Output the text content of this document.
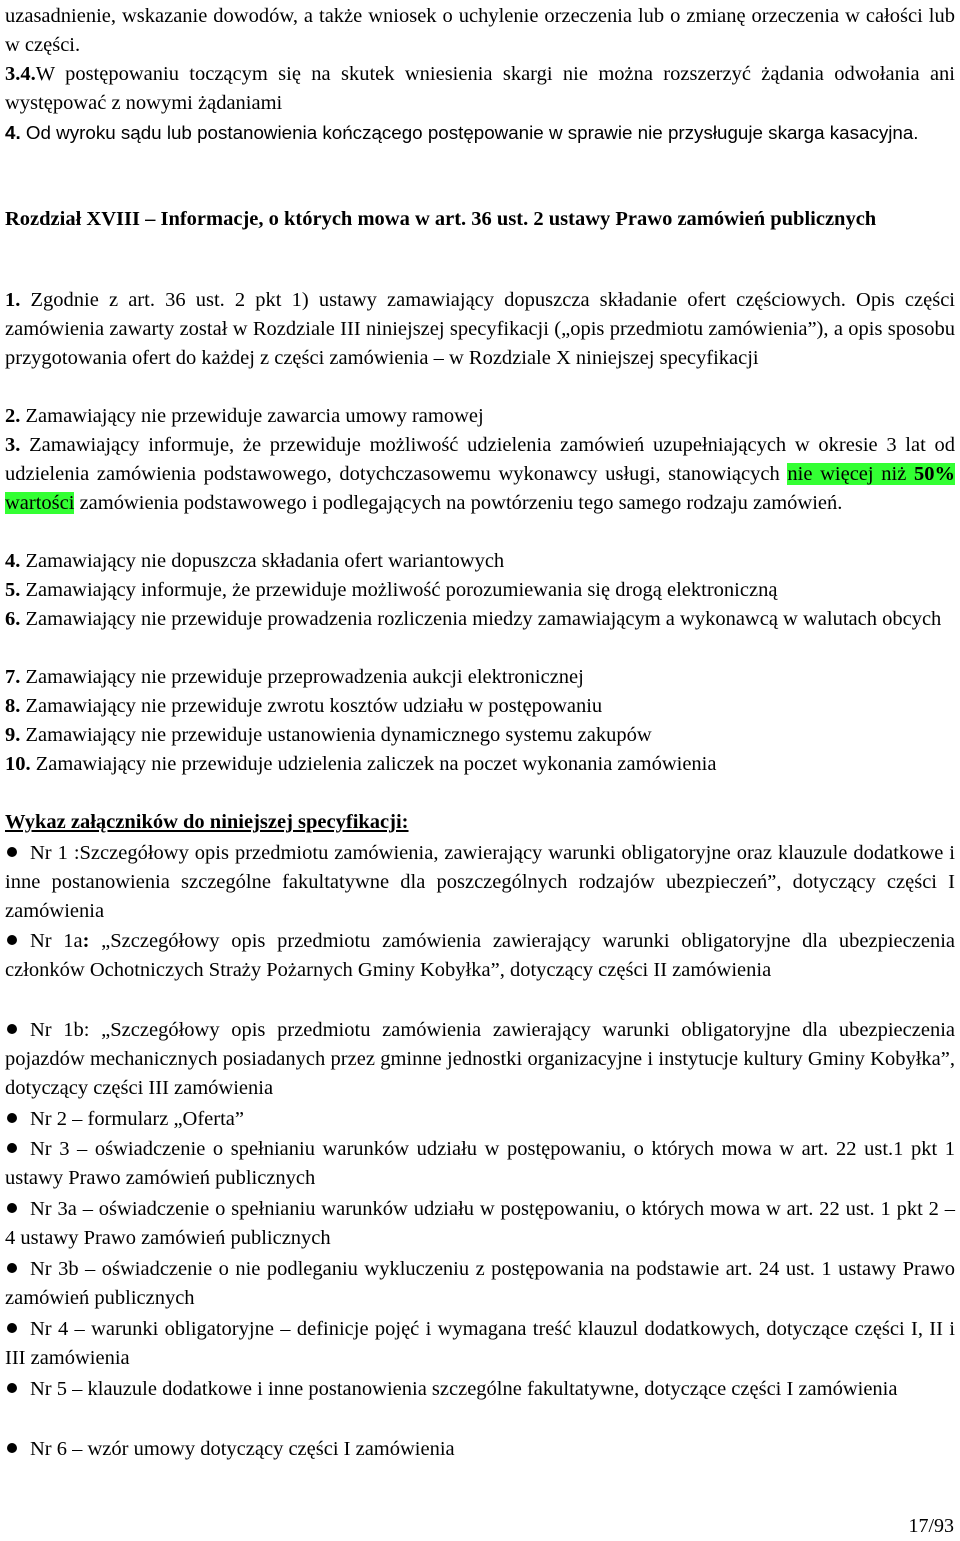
uzasadnienie, wskazanie dowodów, a także wniosek o uchylenie orzeczenia lub o zmianę orzeczenia w całości lub w części.

3.4.W postępowaniu toczącym się na skutek wniesienia skargi nie można rozszerzyć żądania odwołania ani występować z nowymi żądaniami

4. Od wyroku sądu lub postanowienia kończącego postępowanie w sprawie nie przysługuje skarga kasacyjna.

Rozdział XVIII – Informacje, o których mowa w art. 36 ust. 2 ustawy Prawo zamówień publicznych

1. Zgodnie z art. 36 ust. 2 pkt 1) ustawy zamawiający dopuszcza składanie ofert częściowych. Opis części zamówienia zawarty został w Rozdziale III niniejszej specyfikacji („opis przedmiotu zamówienia”), a opis sposobu przygotowania ofert do każdej z części zamówienia – w Rozdziale X niniejszej specyfikacji

2. Zamawiający nie przewiduje zawarcia umowy ramowej

3. Zamawiający informuje, że przewiduje możliwość udzielenia zamówień uzupełniających w okresie 3 lat od udzielenia zamówienia podstawowego, dotychczasowemu wykonawcy usługi, stanowiących nie więcej niż 50% wartości zamówienia podstawowego i podlegających na powtórzeniu tego samego rodzaju zamówień.

4. Zamawiający nie dopuszcza składania ofert wariantowych

5. Zamawiający informuje, że przewiduje możliwość porozumiewania się drogą elektroniczną

6. Zamawiający nie przewiduje prowadzenia rozliczenia miedzy zamawiającym a wykonawcą w walutach obcych

7. Zamawiający nie przewiduje przeprowadzenia aukcji elektronicznej

8. Zamawiający nie przewiduje zwrotu kosztów udziału w postępowaniu

9. Zamawiający nie przewiduje ustanowienia dynamicznego systemu zakupów

10. Zamawiający nie przewiduje udzielenia zaliczek na poczet wykonania zamówienia

Wykaz załączników do niniejszej specyfikacji:
Nr 1 :Szczegółowy opis przedmiotu zamówienia, zawierający warunki obligatoryjne oraz klauzule dodatkowe i inne postanowienia szczególne fakultatywne dla poszczególnych rodzajów ubezpieczeń”, dotyczący części I zamówienia
Nr 1a: „Szczegółowy opis przedmiotu zamówienia zawierający warunki obligatoryjne dla ubezpieczenia członków Ochotniczych Straży Pożarnych Gminy Kobyłka”, dotyczący części II zamówienia
Nr 1b: „Szczegółowy opis przedmiotu zamówienia zawierający warunki obligatoryjne dla ubezpieczenia pojazdów mechanicznych posiadanych przez gminne jednostki organizacyjne i instytucje kultury Gminy Kobyłka”, dotyczący części III zamówienia
Nr 2 – formularz „Oferta”
Nr 3 – oświadczenie o spełnianiu warunków udziału w postępowaniu, o których mowa w art. 22 ust.1 pkt 1 ustawy Prawo zamówień publicznych
Nr 3a – oświadczenie o spełnianiu warunków udziału w postępowaniu, o których mowa w art. 22 ust. 1 pkt 2 – 4 ustawy Prawo zamówień publicznych
Nr 3b – oświadczenie o nie podleganiu wykluczeniu z postępowania na podstawie art. 24 ust. 1 ustawy Prawo zamówień publicznych
Nr 4 – warunki obligatoryjne – definicje pojęć i wymagana treść klauzul dodatkowych, dotyczące części I, II i III zamówienia
Nr 5 – klauzule dodatkowe i inne postanowienia szczególne fakultatywne, dotyczące części I zamówienia
Nr 6 – wzór umowy dotyczący części I zamówienia
17/93
